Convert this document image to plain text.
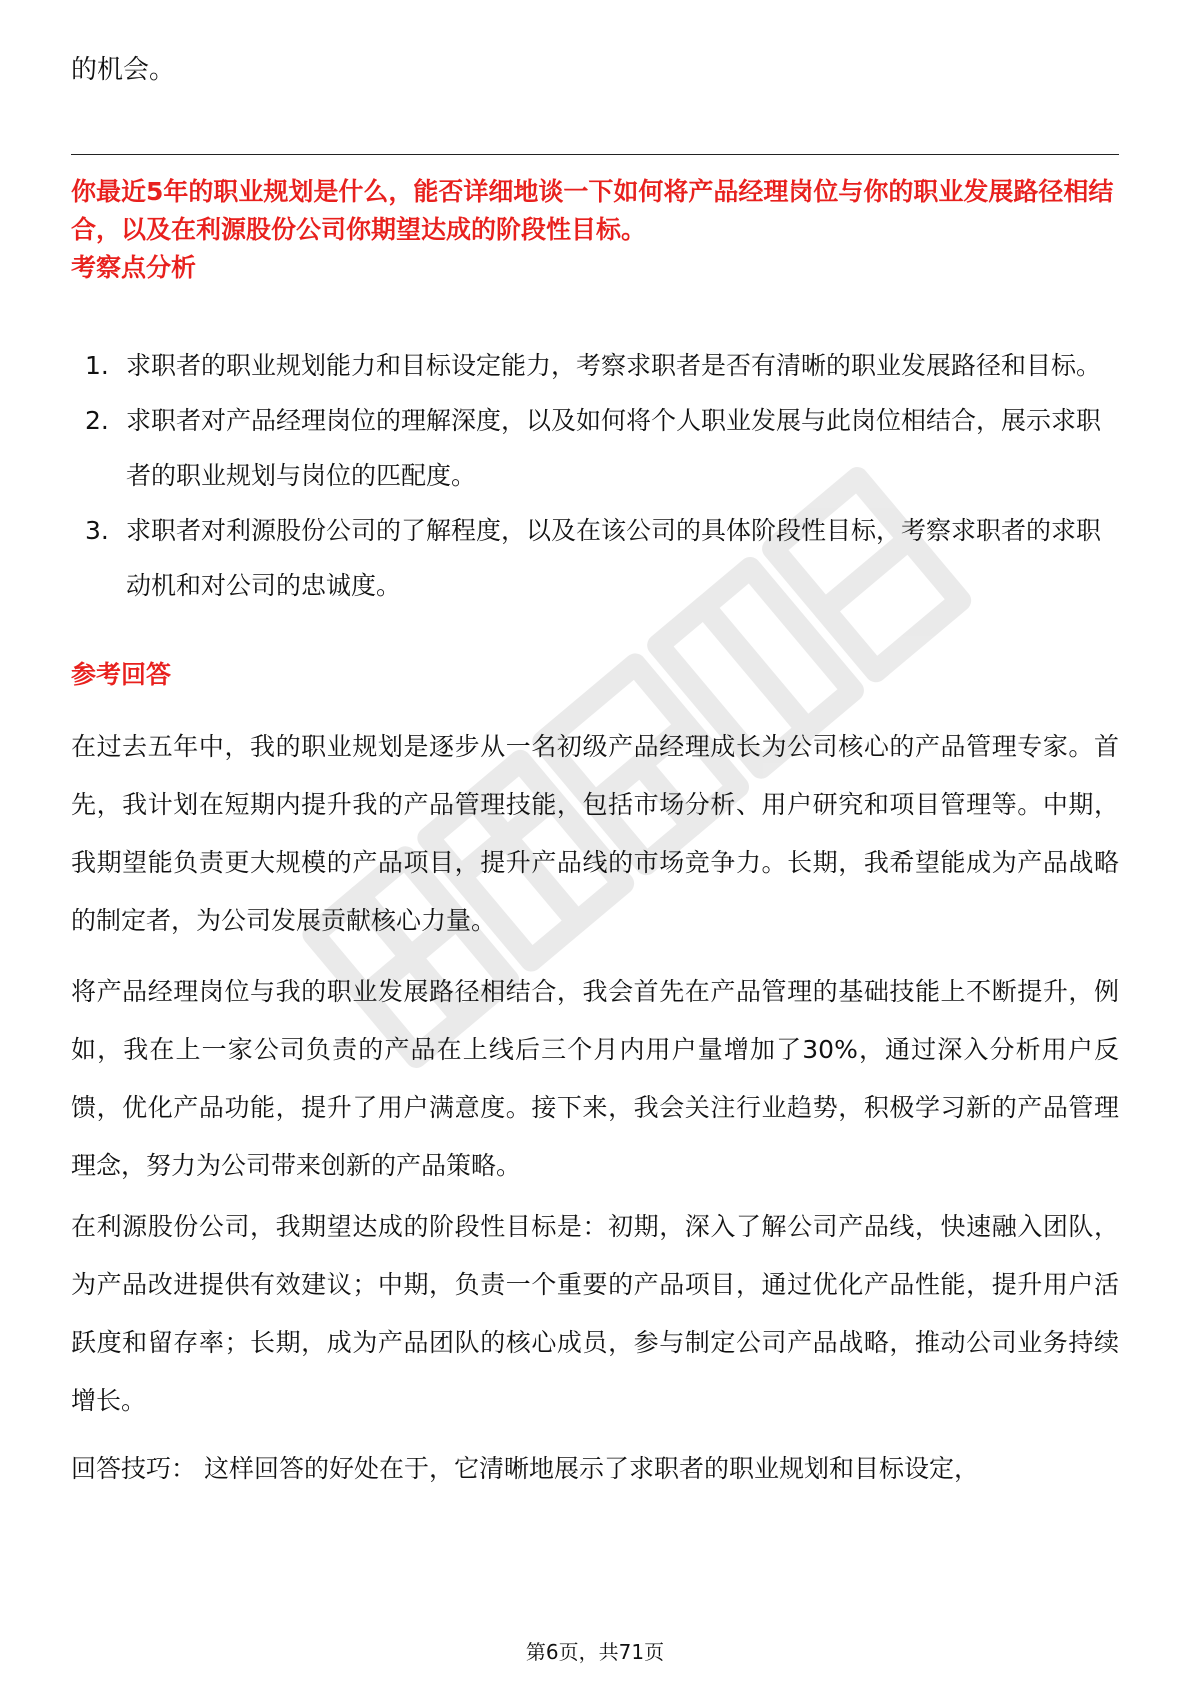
的机会。

你最近5年的职业规划是什么，能否详细地谈一下如何将产品经理岗位与你的职业发展路径相结合，以及在利源股份公司你期望达成的阶段性目标。

考察点分析

1. 求职者的职业规划能力和目标设定能力，考察求职者是否有清晰的职业发展路径和目标。
2. 求职者对产品经理岗位的理解深度，以及如何将个人职业发展与此岗位相结合，展示求职者的职业规划与岗位的匹配度。
3. 求职者对利源股份公司的了解程度，以及在该公司的具体阶段性目标，考察求职者的求职动机和对公司的忠诚度。

参考回答

在过去五年中，我的职业规划是逐步从一名初级产品经理成长为公司核心的产品管理专家。首先，我计划在短期内提升我的产品管理技能，包括市场分析、用户研究和项目管理等。中期，我期望能负责更大规模的产品项目，提升产品线的市场竞争力。长期，我希望能成为产品战略的制定者，为公司发展贡献核心力量。

将产品经理岗位与我的职业发展路径相结合，我会首先在产品管理的基础技能上不断提升，例如，我在上一家公司负责的产品在上线后三个月内用户量增加了30%，通过深入分析用户反馈，优化产品功能，提升了用户满意度。接下来，我会关注行业趋势，积极学习新的产品管理理念，努力为公司带来创新的产品策略。

在利源股份公司，我期望达成的阶段性目标是：初期，深入了解公司产品线，快速融入团队，为产品改进提供有效建议；中期，负责一个重要的产品项目，通过优化产品性能，提升用户活跃度和留存率；长期，成为产品团队的核心成员，参与制定公司产品战略，推动公司业务持续增长。

回答技巧： 这样回答的好处在于，它清晰地展示了求职者的职业规划和目标设定，

第6页，共71页
